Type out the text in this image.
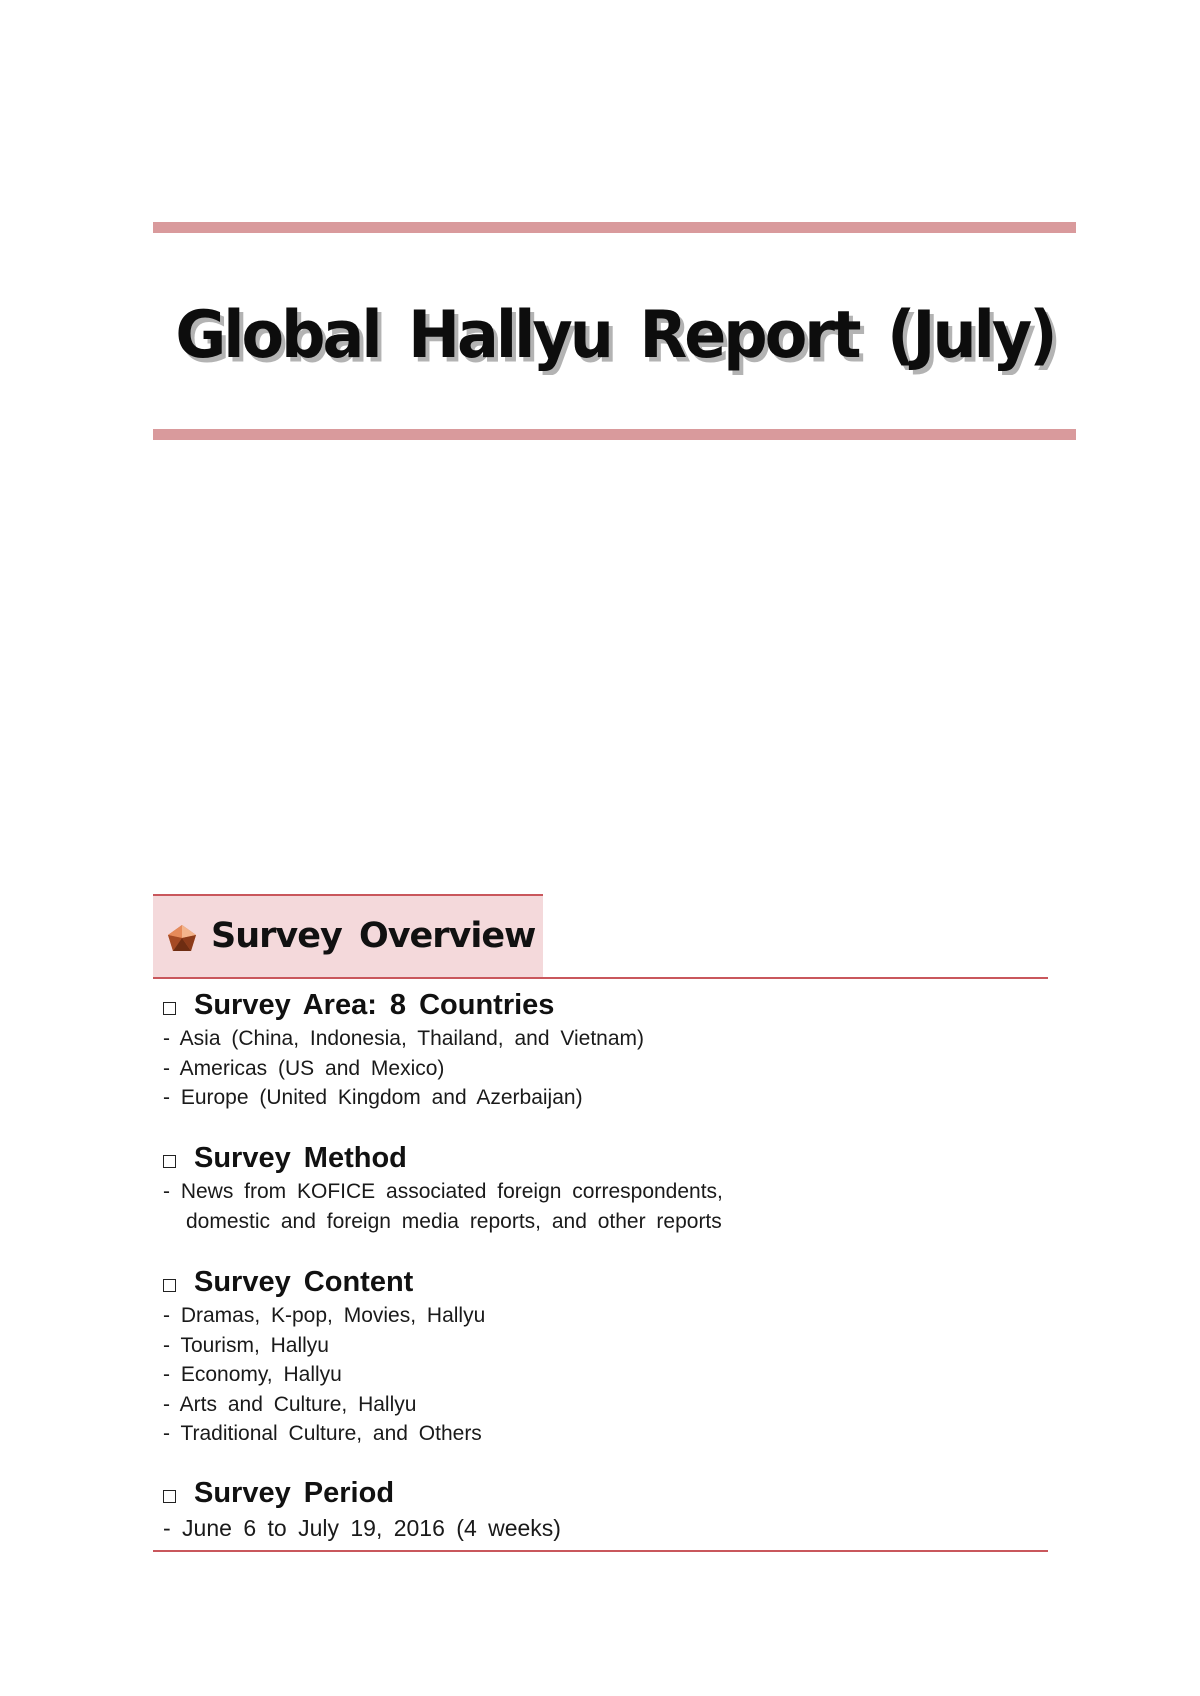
Global Hallyu Report (July)
Survey Overview
Survey Area: 8 Countries
- Asia (China, Indonesia, Thailand, and Vietnam)
- Americas (US and Mexico)
- Europe (United Kingdom and Azerbaijan)
Survey Method
- News from KOFICE associated foreign correspondents,
domestic and foreign media reports, and other reports
Survey Content
- Dramas, K-pop, Movies, Hallyu
- Tourism, Hallyu
- Economy, Hallyu
- Arts and Culture, Hallyu
- Traditional Culture, and Others
Survey Period
- June 6 to July 19, 2016 (4 weeks)
